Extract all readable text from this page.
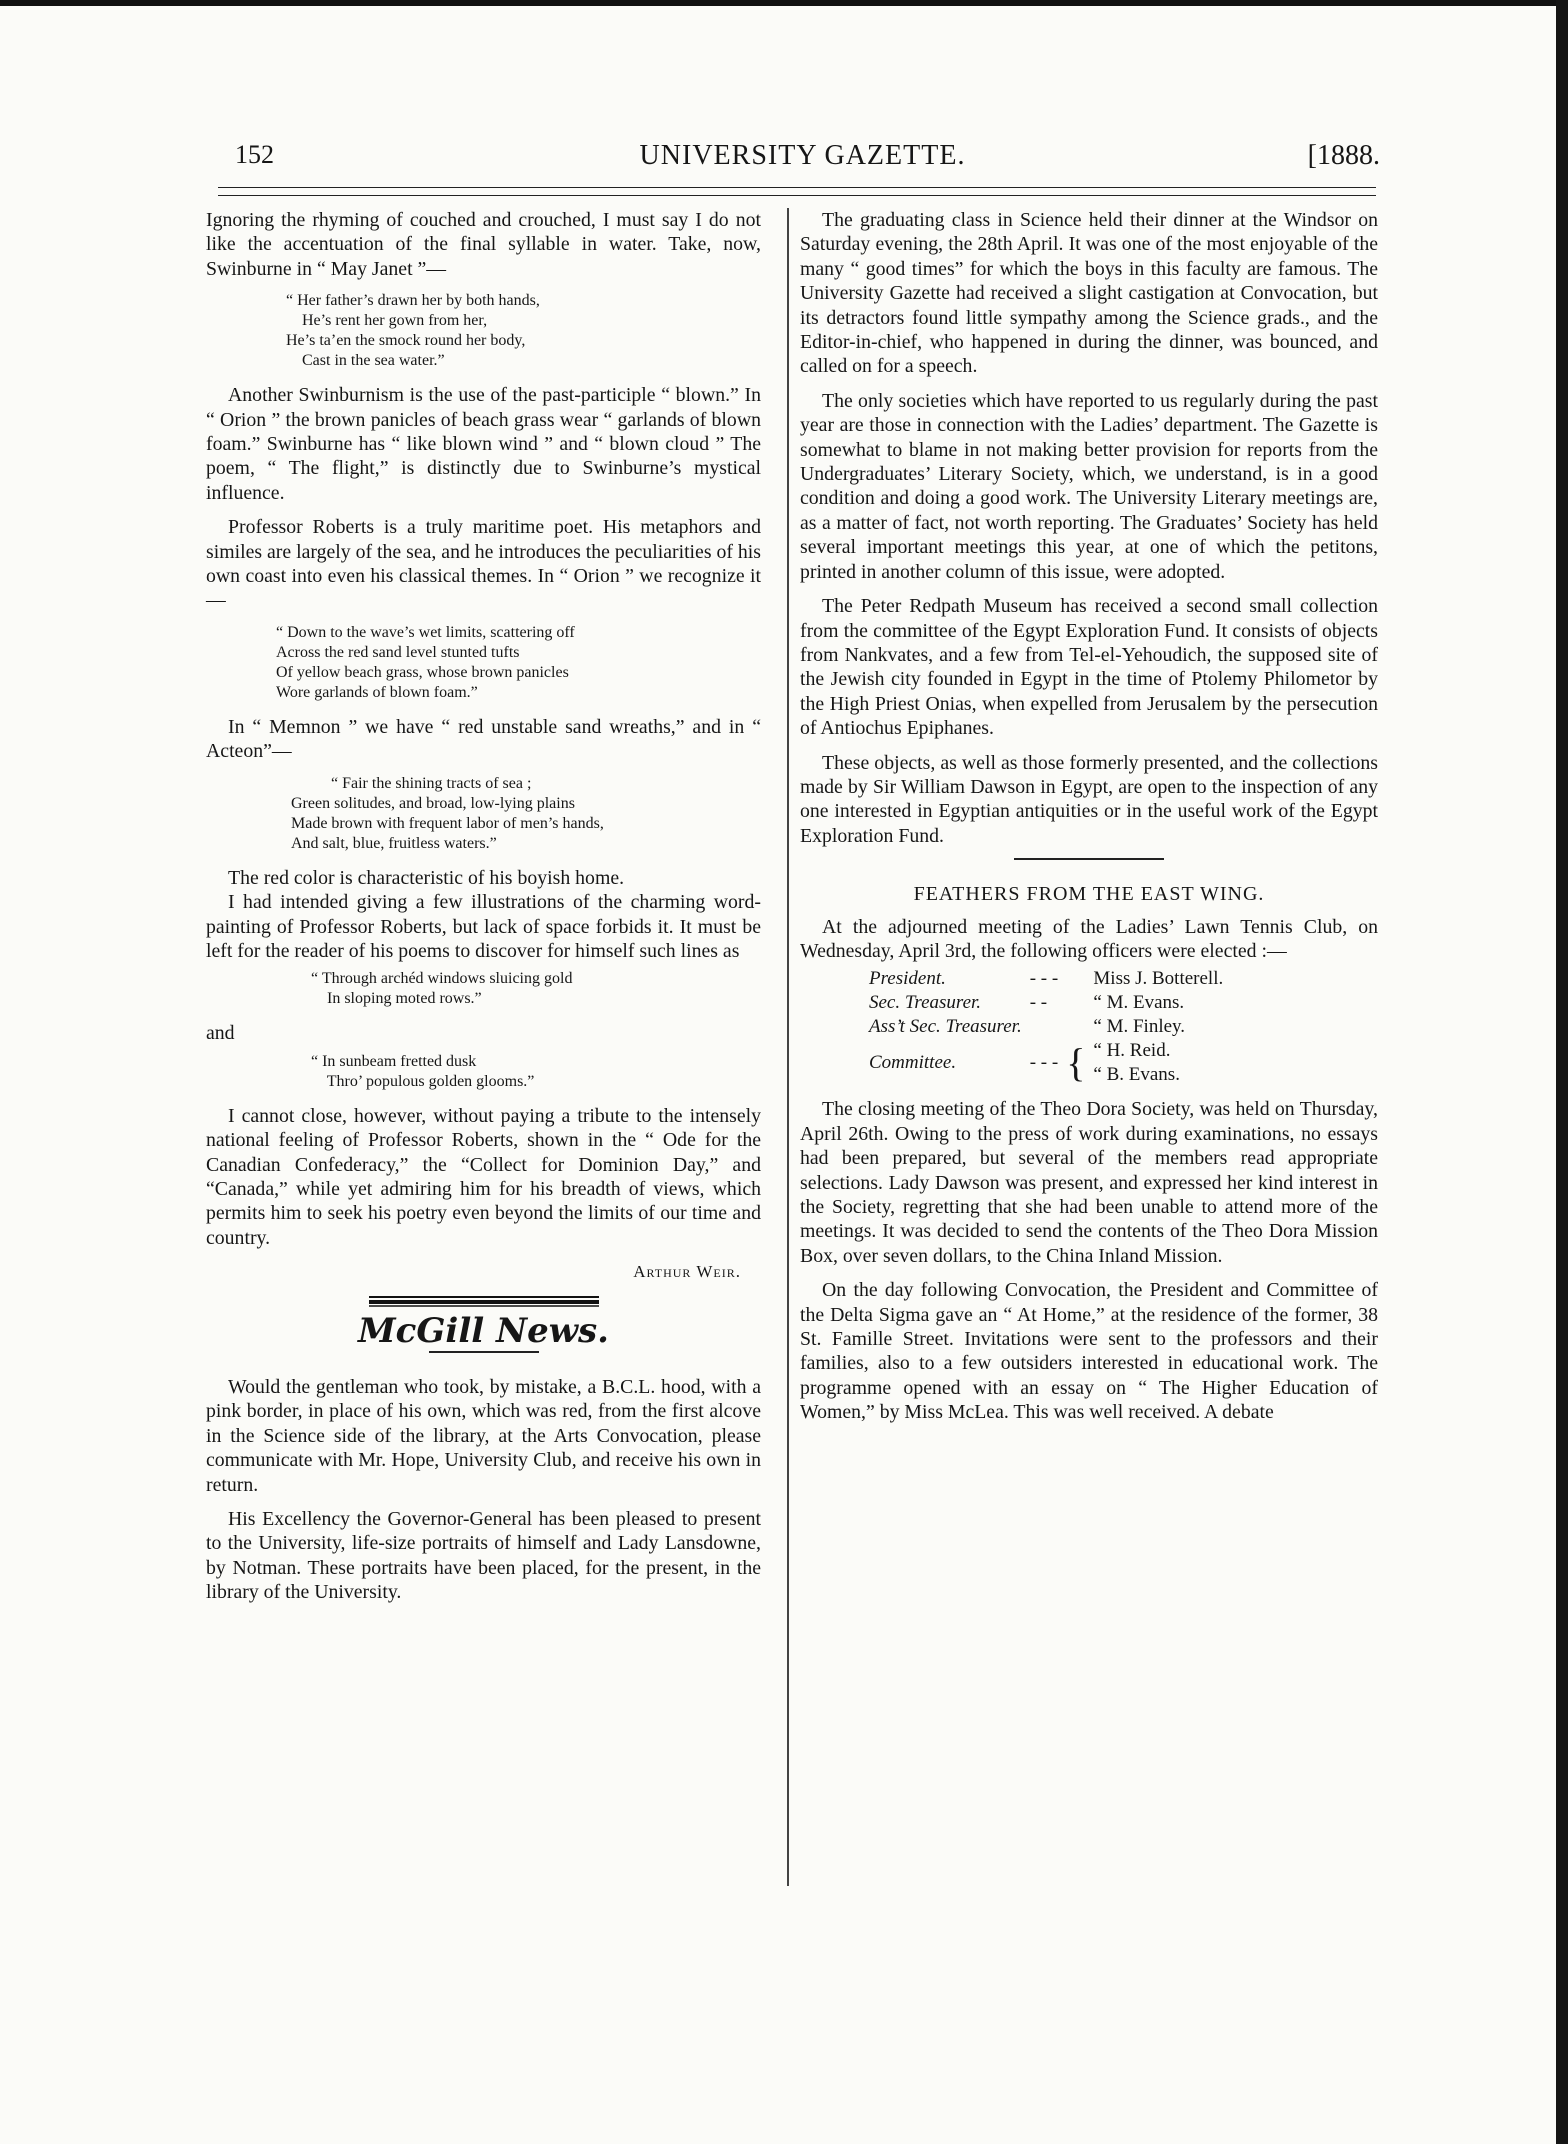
152	UNIVERSITY GAZETTE.	[1888.

Ignoring the rhyming of couched and crouched, I must say I do not like the accentuation of the final syllable in water. Take, now, Swinburne in “ May Janet ”—

“ Her father’s drawn her by both hands,
He’s rent her gown from her,
He’s ta’en the smock round her body,
Cast in the sea water.”

Another Swinburnism is the use of the past-participle “ blown.” In “ Orion ” the brown panicles of beach grass wear “ garlands of blown foam.” Swinburne has “ like blown wind ” and “ blown cloud ” The poem, “ The flight,” is distinctly due to Swinburne’s mystical influence.

Professor Roberts is a truly maritime poet. His metaphors and similes are largely of the sea, and he introduces the peculiarities of his own coast into even his classical themes. In “ Orion ” we recognize it—

“ Down to the wave’s wet limits, scattering off
Across the red sand level stunted tufts
Of yellow beach grass, whose brown panicles
Wore garlands of blown foam.”

In “ Memnon ” we have “ red unstable sand wreaths,” and in “ Acteon”—

“ Fair the shining tracts of sea ;
Green solitudes, and broad, low-lying plains
Made brown with frequent labor of men’s hands,
And salt, blue, fruitless waters.”

The red color is characteristic of his boyish home.

I had intended giving a few illustrations of the charming word-painting of Professor Roberts, but lack of space forbids it. It must be left for the reader of his poems to discover for himself such lines as

“ Through archéd windows sluicing gold
In sloping moted rows.”

and

“ In sunbeam fretted dusk
Thro’ populous golden glooms.”

I cannot close, however, without paying a tribute to the intensely national feeling of Professor Roberts, shown in the “ Ode for the Canadian Confederacy,” the “Collect for Dominion Day,” and “Canada,” while yet admiring him for his breadth of views, which permits him to seek his poetry even beyond the limits of our time and country.

Arthur Weir.
McGill News.

Would the gentleman who took, by mistake, a B.C.L. hood, with a pink border, in place of his own, which was red, from the first alcove in the Science side of the library, at the Arts Convocation, please communicate with Mr. Hope, University Club, and receive his own in return.

His Excellency the Governor-General has been pleased to present to the University, life-size portraits of himself and Lady Lansdowne, by Notman. These portraits have been placed, for the present, in the library of the University.

The graduating class in Science held their dinner at the Windsor on Saturday evening, the 28th April. It was one of the most enjoyable of the many “ good times” for which the boys in this faculty are famous. The University Gazette had received a slight castigation at Convocation, but its detractors found little sympathy among the Science grads., and the Editor-in-chief, who happened in during the dinner, was bounced, and called on for a speech.

The only societies which have reported to us regularly during the past year are those in connection with the Ladies’ department. The Gazette is somewhat to blame in not making better provision for reports from the Undergraduates’ Literary Society, which, we understand, is in a good condition and doing a good work. The University Literary meetings are, as a matter of fact, not worth reporting. The Graduates’ Society has held several important meetings this year, at one of which the petitons, printed in another column of this issue, were adopted.

The Peter Redpath Museum has received a second small collection from the committee of the Egypt Exploration Fund. It consists of objects from Nankvates, and a few from Tel-el-Yehoudich, the supposed site of the Jewish city founded in Egypt in the time of Ptolemy Philometor by the High Priest Onias, when expelled from Jerusalem by the persecution of Antiochus Epiphanes.

These objects, as well as those formerly presented, and the collections made by Sir William Dawson in Egypt, are open to the inspection of any one interested in Egyptian antiquities or in the useful work of the Egypt Exploration Fund.

FEATHERS FROM THE EAST WING.

At the adjourned meeting of the Ladies’ Lawn Tennis Club, on Wednesday, April 3rd, the following officers were elected :—

President.	- - -		Miss J. Botterell.
Sec. Treasurer.	- -		“ M. Evans.
Ass’t Sec. Treasurer.			“ M. Finley.
Committee.	- - -	{	“ H. Reid.
			“ B. Evans.

The closing meeting of the Theo Dora Society, was held on Thursday, April 26th. Owing to the press of work during examinations, no essays had been prepared, but several of the members read appropriate selections. Lady Dawson was present, and expressed her kind interest in the Society, regretting that she had been unable to attend more of the meetings. It was decided to send the contents of the Theo Dora Mission Box, over seven dollars, to the China Inland Mission.

On the day following Convocation, the President and Committee of the Delta Sigma gave an “ At Home,” at the residence of the former, 38 St. Famille Street. Invitations were sent to the professors and their families, also to a few outsiders interested in educational work. The programme opened with an essay on “ The Higher Education of Women,” by Miss McLea. This was well received. A debate
